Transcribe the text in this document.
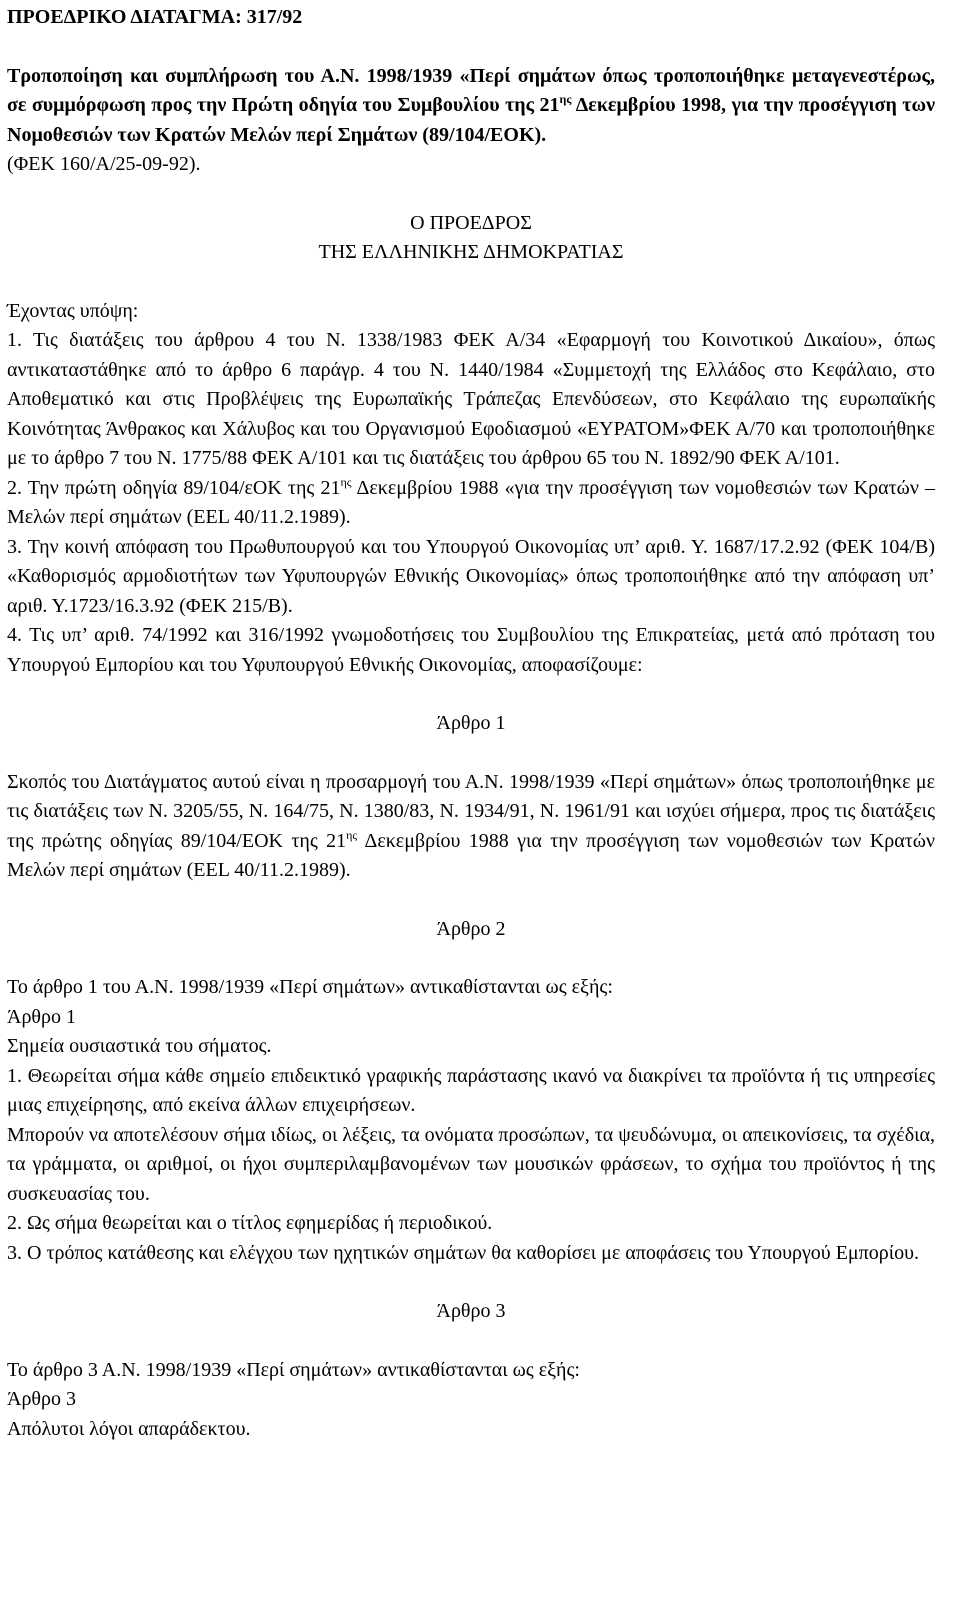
ΠΡΟΕΔΡΙΚΟ ΔΙΑΤΑΓΜΑ: 317/92

Τροποποίηση και συμπλήρωση του Α.Ν. 1998/1939 «Περί σημάτων όπως τροποποιήθηκε μεταγενεστέρως, σε συμμόρφωση προς την Πρώτη οδηγία του Συμβουλίου της $21^{\eta\varsigma}$ Δεκεμβρίου 1998, για την προσέγγιση των Νομοθεσιών των Κρατών Μελών περί Σημάτων (89/104/ΕΟΚ).

(ΦΕΚ 160/Α/25-09-92).

Ο ΠΡΟΕΔΡΟΣ

ΤΗΣ ΕΛΛΗΝΙΚΗΣ ΔΗΜΟΚΡΑΤΙΑΣ

Έχοντας υπόψη:

1. Τις διατάξεις του άρθρου 4 του Ν. 1338/1983 ΦΕΚ Α/34 «Εφαρμογή του Κοινοτικού Δικαίου», όπως αντικαταστάθηκε από το άρθρο 6 παράγρ. 4 του Ν. 1440/1984 «Συμμετοχή της Ελλάδος στο Κεφάλαιο, στο Αποθεματικό και στις Προβλέψεις της Ευρωπαϊκής Τράπεζας Επενδύσεων, στο Κεφάλαιο της ευρωπαϊκής Κοινότητας Άνθρακος και Χάλυβος και του Οργανισμού Εφοδιασμού «ΕΥΡΑΤΟΜ»ΦΕΚ Α/70 και τροποποιήθηκε με το άρθρο 7 του Ν. 1775/88 ΦΕΚ Α/101 και τις διατάξεις του άρθρου 65 του Ν. 1892/90 ΦΕΚ Α/101.

2. Την πρώτη οδηγία 89/104/εΟΚ της $21^{\eta\varsigma}$ Δεκεμβρίου 1988 «για την προσέγγιση των νομοθεσιών των Κρατών – Μελών περί σημάτων (EEL 40/11.2.1989).

3. Την κοινή απόφαση του Πρωθυπουργού και του Υπουργού Οικονομίας υπ’ αριθ. Υ. 1687/17.2.92 (ΦΕΚ 104/Β) «Καθορισμός αρμοδιοτήτων των Υφυπουργών Εθνικής Οικονομίας» όπως τροποποιήθηκε από την απόφαση υπ’ αριθ. Υ.1723/16.3.92 (ΦΕΚ 215/Β).

4. Τις υπ’ αριθ. 74/1992 και 316/1992 γνωμοδοτήσεις του Συμβουλίου της Επικρατείας, μετά από πρόταση του Υπουργού Εμπορίου και του Υφυπουργού Εθνικής Οικονομίας, αποφασίζουμε:

Άρθρο 1

Σκοπός του Διατάγματος αυτού είναι η προσαρμογή του Α.Ν. 1998/1939 «Περί σημάτων» όπως τροποποιήθηκε με τις διατάξεις των Ν. 3205/55, Ν. 164/75, Ν. 1380/83, Ν. 1934/91, Ν. 1961/91 και ισχύει σήμερα, προς τις διατάξεις της πρώτης οδηγίας 89/104/ΕΟΚ της $21^{\eta\varsigma}$ Δεκεμβρίου 1988 για την προσέγγιση των νομοθεσιών των Κρατών Μελών περί σημάτων (EEL 40/11.2.1989).

Άρθρο 2

Το άρθρο 1 του Α.Ν. 1998/1939 «Περί σημάτων» αντικαθίστανται ως εξής:

Άρθρο 1

Σημεία ουσιαστικά του σήματος.

1. Θεωρείται σήμα κάθε σημείο επιδεικτικό γραφικής παράστασης ικανό να διακρίνει τα προϊόντα ή τις υπηρεσίες μιας επιχείρησης, από εκείνα άλλων επιχειρήσεων.

Μπορούν να αποτελέσουν σήμα ιδίως, οι λέξεις, τα ονόματα προσώπων, τα ψευδώνυμα, οι απεικονίσεις, τα σχέδια, τα γράμματα, οι αριθμοί, οι ήχοι συμπεριλαμβανομένων των μουσικών φράσεων, το σχήμα του προϊόντος ή της συσκευασίας του.

2. Ως σήμα θεωρείται και ο τίτλος εφημερίδας ή περιοδικού.

3. Ο τρόπος κατάθεσης και ελέγχου των ηχητικών σημάτων θα καθορίσει με αποφάσεις του Υπουργού Εμπορίου.

Άρθρο 3

Το άρθρο 3 Α.Ν. 1998/1939 «Περί σημάτων» αντικαθίστανται ως εξής:

Άρθρο 3

Απόλυτοι λόγοι απαράδεκτου.
